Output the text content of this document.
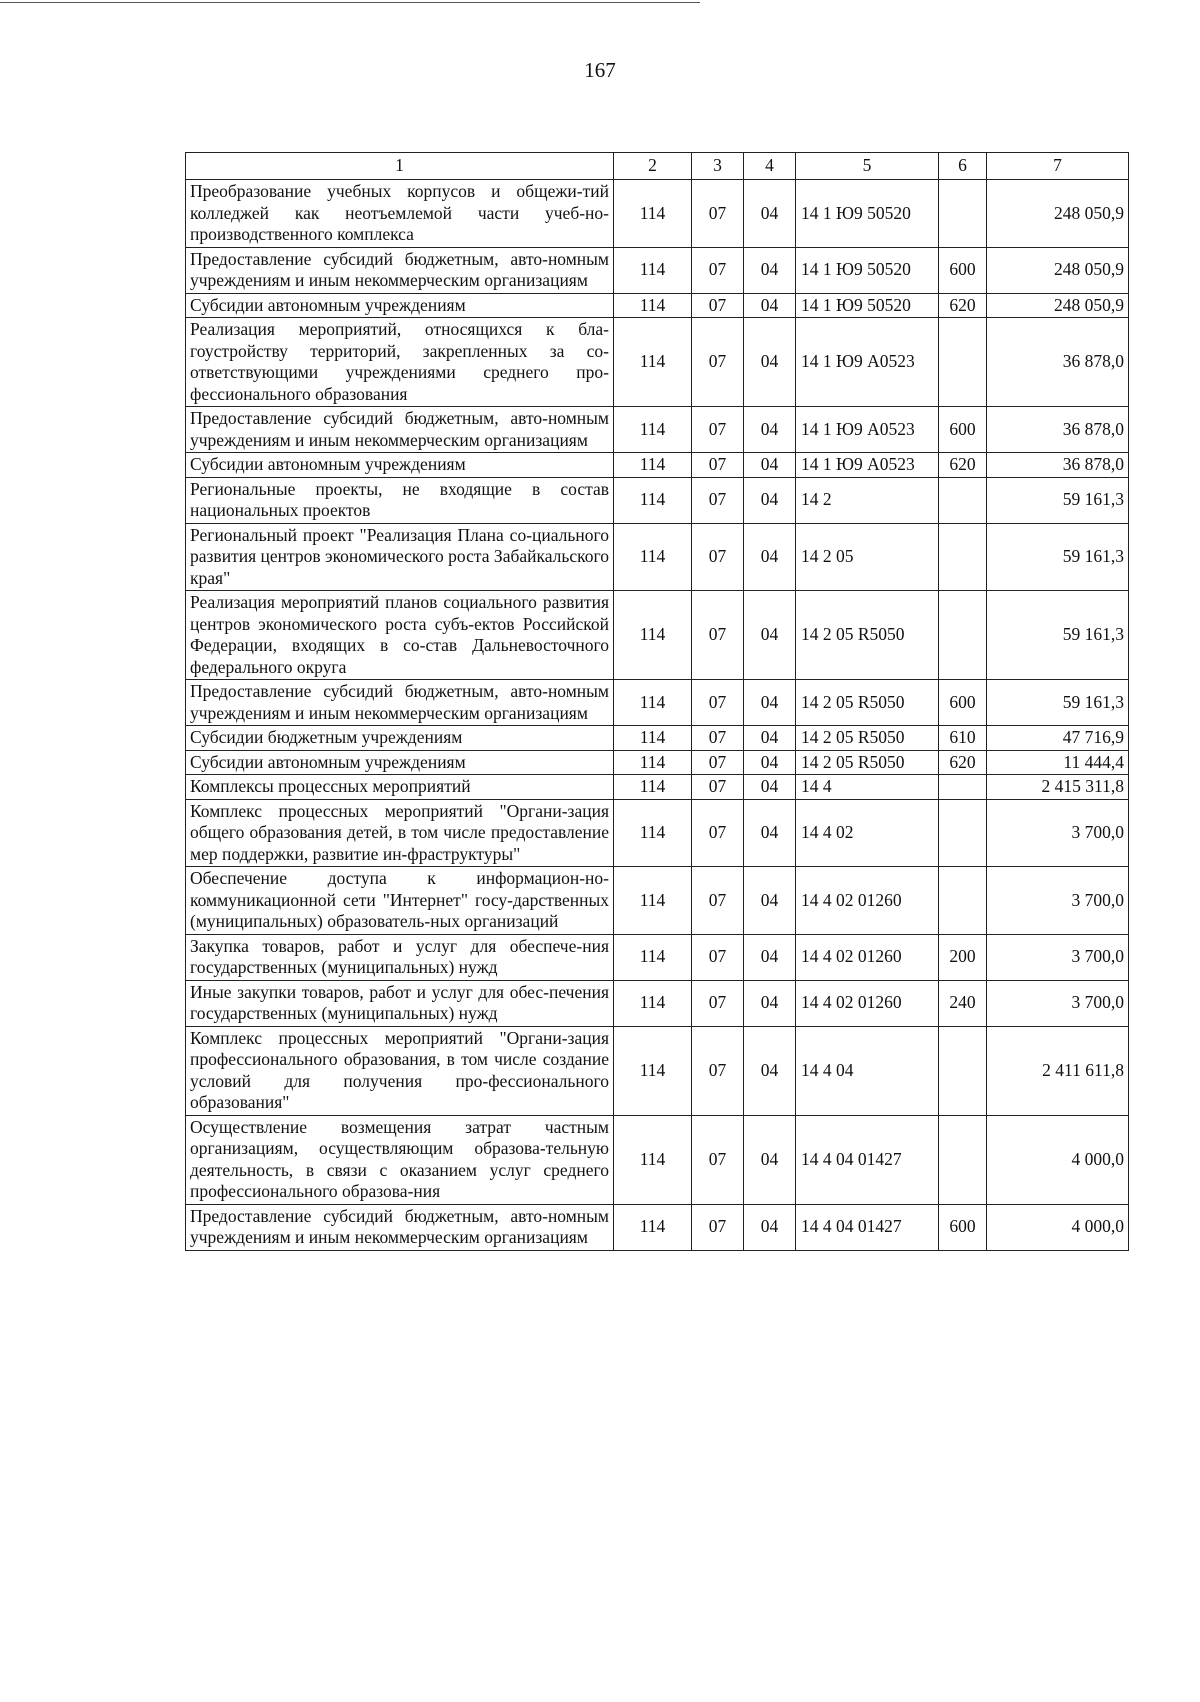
167
1	2	3	4	5	6	7
Преобразование учебных корпусов и общежи-тий колледжей как неотъемлемой части учеб-но-производственного комплекса	114	07	04	14 1 Ю9 50520		248 050,9
Предоставление субсидий бюджетным, авто-номным учреждениям и иным некоммерческим организациям	114	07	04	14 1 Ю9 50520	600	248 050,9
Субсидии автономным учреждениям	114	07	04	14 1 Ю9 50520	620	248 050,9
Реализация мероприятий, относящихся к бла-гоустройству территорий, закрепленных за со-ответствующими учреждениями среднего про-фессионального образования	114	07	04	14 1 Ю9 А0523		36 878,0
Предоставление субсидий бюджетным, авто-номным учреждениям и иным некоммерческим организациям	114	07	04	14 1 Ю9 А0523	600	36 878,0
Субсидии автономным учреждениям	114	07	04	14 1 Ю9 А0523	620	36 878,0
Региональные проекты, не входящие в состав национальных проектов	114	07	04	14 2		59 161,3
Региональный проект "Реализация Плана со-циального развития центров экономического роста Забайкальского края"	114	07	04	14 2 05		59 161,3
Реализация мероприятий планов социального развития центров экономического роста субъ-ектов Российской Федерации, входящих в со-став Дальневосточного федерального округа	114	07	04	14 2 05 R5050		59 161,3
Предоставление субсидий бюджетным, авто-номным учреждениям и иным некоммерческим организациям	114	07	04	14 2 05 R5050	600	59 161,3
Субсидии бюджетным учреждениям	114	07	04	14 2 05 R5050	610	47 716,9
Субсидии автономным учреждениям	114	07	04	14 2 05 R5050	620	11 444,4
Комплексы процессных мероприятий	114	07	04	14 4		2 415 311,8
Комплекс процессных мероприятий "Органи-зация общего образования детей, в том числе предоставление мер поддержки, развитие ин-фраструктуры"	114	07	04	14 4 02		3 700,0
Обеспечение доступа к информацион-но-коммуникационной сети "Интернет" госу-дарственных (муниципальных) образователь-ных организаций	114	07	04	14 4 02 01260		3 700,0
Закупка товаров, работ и услуг для обеспече-ния государственных (муниципальных) нужд	114	07	04	14 4 02 01260	200	3 700,0
Иные закупки товаров, работ и услуг для обес-печения государственных (муниципальных) нужд	114	07	04	14 4 02 01260	240	3 700,0
Комплекс процессных мероприятий "Органи-зация профессионального образования, в том числе создание условий для получения про-фессионального образования"	114	07	04	14 4 04		2 411 611,8
Осуществление возмещения затрат частным организациям, осуществляющим образова-тельную деятельность, в связи с оказанием услуг среднего профессионального образова-ния	114	07	04	14 4 04 01427		4 000,0
Предоставление субсидий бюджетным, авто-номным учреждениям и иным некоммерческим организациям	114	07	04	14 4 04 01427	600	4 000,0
